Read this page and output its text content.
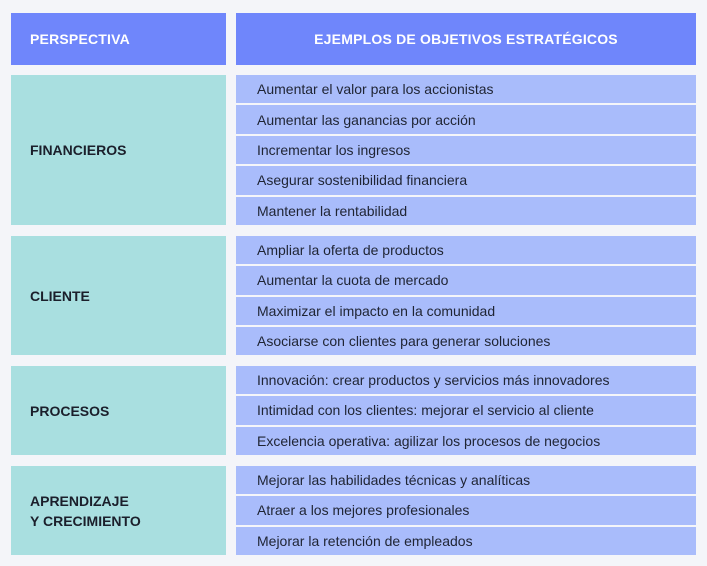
PERSPECTIVA	EJEMPLOS DE OBJETIVOS ESTRATÉGICOS
FINANCIEROS
Aumentar el valor para los accionistas
Aumentar las ganancias por acción
Incrementar los ingresos
Asegurar sostenibilidad financiera
Mantener la rentabilidad
CLIENTE
Ampliar la oferta de productos
Aumentar la cuota de mercado
Maximizar el impacto en la comunidad
Asociarse con clientes para generar soluciones
PROCESOS
Innovación: crear productos y servicios más innovadores
Intimidad con los clientes: mejorar el servicio al cliente
Excelencia operativa: agilizar los procesos de negocios
APRENDIZAJE
Y CRECIMIENTO
Mejorar las habilidades técnicas y analíticas
Atraer a los mejores profesionales
Mejorar la retención de empleados
